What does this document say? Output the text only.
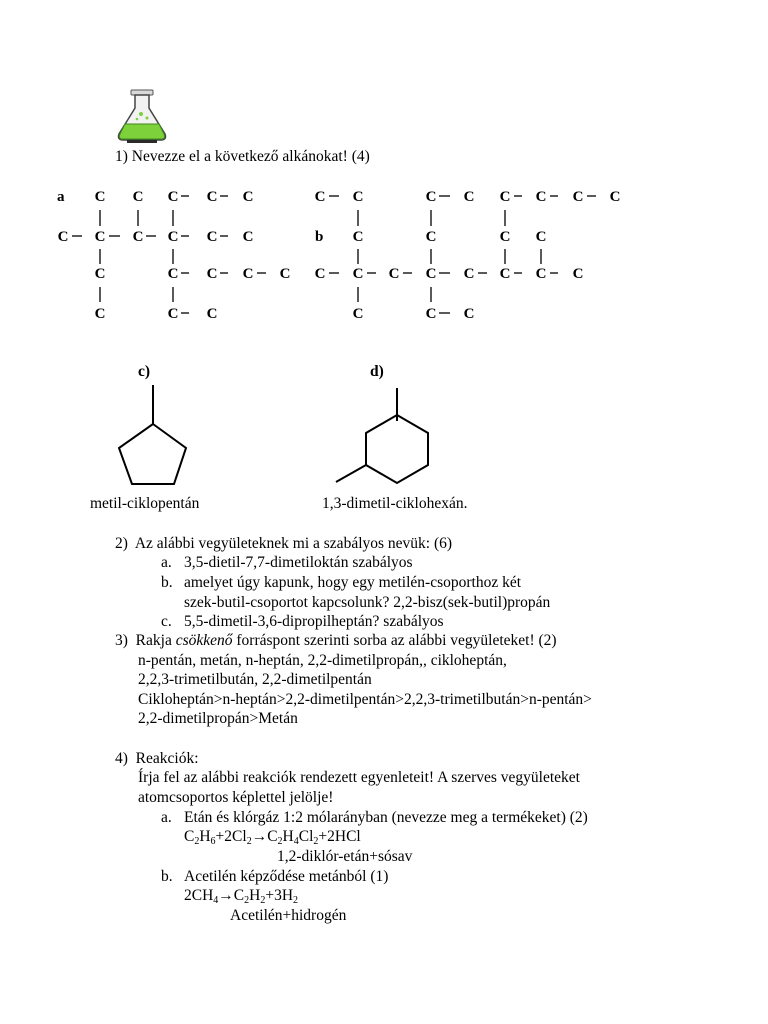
1) Nevezze el a következő alkánokat! (4)
a C C C C C
C C C C C C
C	C C C C
C	C C
C C	C C C C C C
C	C	C C
C C C C C C C C
C	C C
b
c)	d)
metil-ciklopentán	1,3-dimetil-ciklohexán.
2) Az alábbi vegyületeknek mi a szabályos nevük: (6)
a. 3,5-dietil-7,7-dimetiloktán szabályos
b. amelyet úgy kapunk, hogy egy metilén-csoporthoz két
szek-butil-csoportot kapcsolunk? 2,2-bisz(sek-butil)propán
c. 5,5-dimetil-3,6-dipropilheptán? szabályos
3) Rakja csökkenő forráspont szerinti sorba az alábbi vegyületeket! (2)
n-pentán, metán, n-heptán, 2,2-dimetilpropán,, cikloheptán,
2,2,3-trimetilbután, 2,2-dimetilpentán
Cikloheptán>n-heptán>2,2-dimetilpentán>2,2,3-trimetilbután>n-pentán>
2,2-dimetilpropán>Metán
4) Reakciók:
Írja fel az alábbi reakciók rendezett egyenleteit! A szerves vegyületeket
atomcsoportos képlettel jelölje!
a. Etán és klórgáz 1:2 mólarányban (nevezze meg a termékeket) (2)
$C_2H_6+2Cl_2\to C_2H_4Cl_2+2HCl$
1,2-diklór-etán+sósav
b. Acetilén képződése metánból (1)
$2CH_4\to C_2H_2+3H_2$
Acetilén+hidrogén
